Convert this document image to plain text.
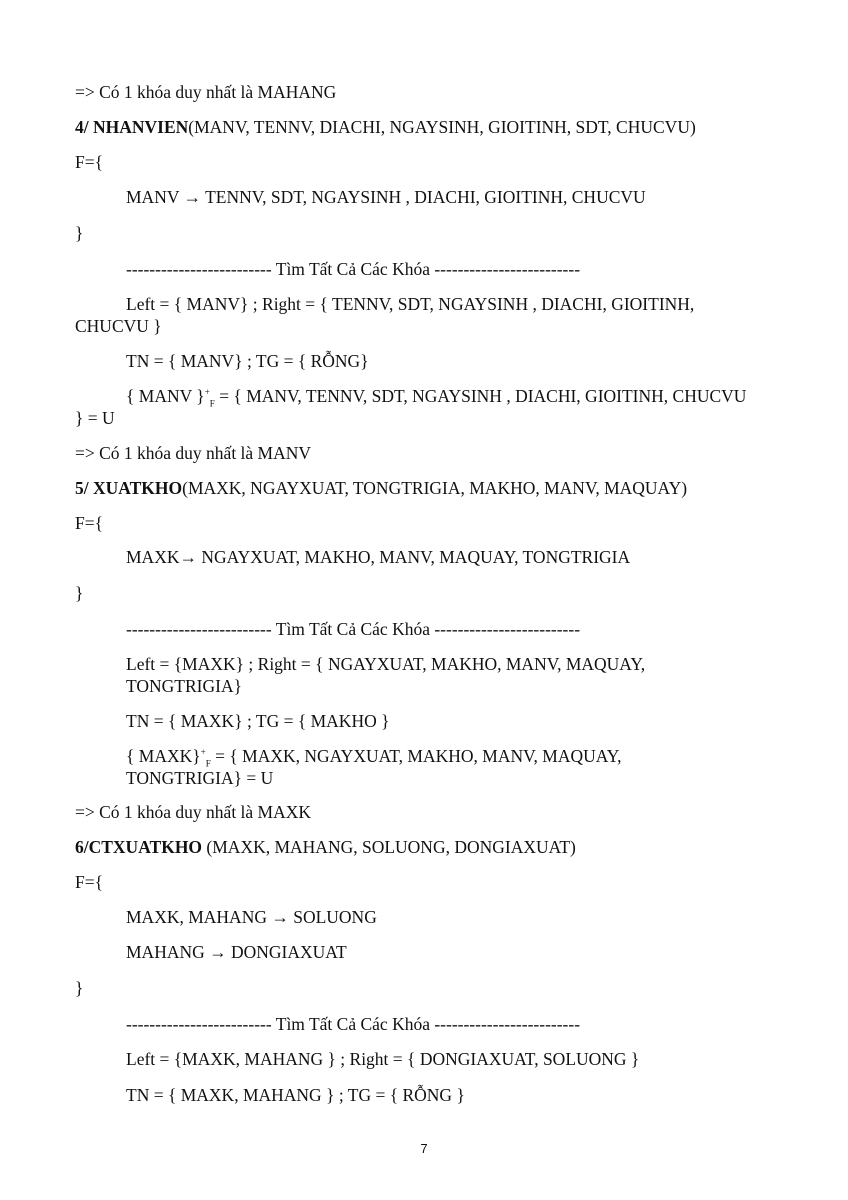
=> Có 1 khóa duy nhất là MAHANG
4/ NHANVIEN(MANV, TENNV, DIACHI, NGAYSINH, GIOITINH, SDT, CHUCVU)
F={
MANV → TENNV, SDT, NGAYSINH , DIACHI, GIOITINH, CHUCVU
}
------------------------- Tìm Tất Cả Các Khóa -------------------------
Left = { MANV} ; Right = { TENNV, SDT, NGAYSINH , DIACHI, GIOITINH, CHUCVU }
TN = { MANV} ; TG = { RỖNG}
{ MANV }$^+_F$ = { MANV, TENNV, SDT, NGAYSINH , DIACHI, GIOITINH, CHUCVU } = U
=> Có 1 khóa duy nhất là MANV
5/ XUATKHO(MAXK, NGAYXUAT, TONGTRIGIA, MAKHO, MANV, MAQUAY)
F={
MAXK→ NGAYXUAT, MAKHO, MANV, MAQUAY, TONGTRIGIA
}
------------------------- Tìm Tất Cả Các Khóa -------------------------
Left = {MAXK} ; Right = { NGAYXUAT, MAKHO, MANV, MAQUAY, TONGTRIGIA}
TN = { MAXK} ; TG = { MAKHO }
{ $MAXK\}^+_F$ = { MAXK, NGAYXUAT, MAKHO, MANV, MAQUAY, TONGTRIGIA} = U
=> Có 1 khóa duy nhất là MAXK
6/CTXUATKHO (MAXK, MAHANG, SOLUONG, DONGIAXUAT)
F={
MAXK, MAHANG → SOLUONG
MAHANG → DONGIAXUAT
}
------------------------- Tìm Tất Cả Các Khóa -------------------------
Left = {MAXK, MAHANG } ; Right = { DONGIAXUAT, SOLUONG }
TN = { MAXK, MAHANG } ; TG = { RỖNG }
7
